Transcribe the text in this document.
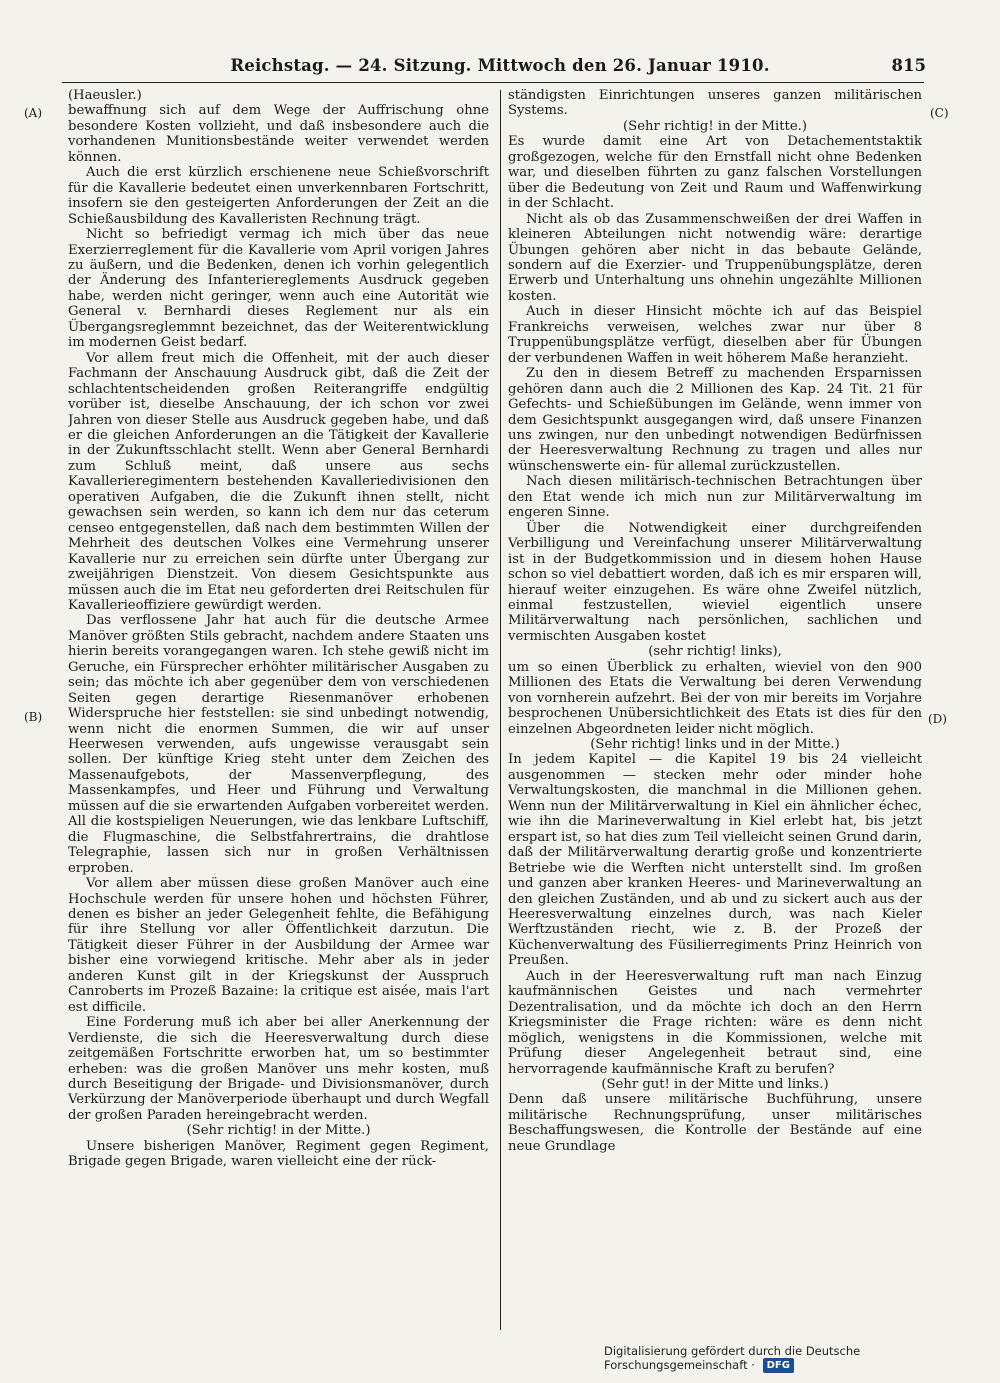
Reichstag. — 24. Sitzung. Mittwoch den 26. Januar 1910.	815
(A)
(B)
(C)
(D)

(Haeusler.)

bewaffnung sich auf dem Wege der Auffrischung ohne besondere Kosten vollzieht, und daß insbesondere auch die vorhandenen Munitionsbestände weiter verwendet werden können.

Auch die erst kürzlich erschienene neue Schießvorschrift für die Kavallerie bedeutet einen unverkennbaren Fortschritt, insofern sie den gesteigerten Anforderungen der Zeit an die Schießausbildung des Kavalleristen Rechnung trägt.

Nicht so befriedigt vermag ich mich über das neue Exerzierreglement für die Kavallerie vom April vorigen Jahres zu äußern, und die Bedenken, denen ich vorhin gelegentlich der Änderung des Infanteriereglements Ausdruck gegeben habe, werden nicht geringer, wenn auch eine Autorität wie General v. Bernhardi dieses Reglement nur als ein Übergangsreglemmnt bezeichnet, das der Weiterentwicklung im modernen Geist bedarf.

Vor allem freut mich die Offenheit, mit der auch dieser Fachmann der Anschauung Ausdruck gibt, daß die Zeit der schlachtentscheidenden großen Reiterangriffe endgültig vorüber ist, dieselbe Anschauung, der ich schon vor zwei Jahren von dieser Stelle aus Ausdruck gegeben habe, und daß er die gleichen Anforderungen an die Tätigkeit der Kavallerie in der Zukunftsschlacht stellt. Wenn aber General Bernhardi zum Schluß meint, daß unsere aus sechs Kavallerieregimentern bestehenden Kavalleriedivisionen den operativen Aufgaben, die die Zukunft ihnen stellt, nicht gewachsen sein werden, so kann ich dem nur das ceterum censeo entgegenstellen, daß nach dem bestimmten Willen der Mehrheit des deutschen Volkes eine Vermehrung unserer Kavallerie nur zu erreichen sein dürfte unter Übergang zur zweijährigen Dienstzeit. Von diesem Gesichtspunkte aus müssen auch die im Etat neu geforderten drei Reitschulen für Kavallerieoffiziere gewürdigt werden.

Das verflossene Jahr hat auch für die deutsche Armee Manöver größten Stils gebracht, nachdem andere Staaten uns hierin bereits vorangegangen waren. Ich stehe gewiß nicht im Geruche, ein Fürsprecher erhöhter militärischer Ausgaben zu sein; das möchte ich aber gegenüber dem von verschiedenen Seiten gegen derartige Riesenmanöver erhobenen Widerspruche hier feststellen: sie sind unbedingt notwendig, wenn nicht die enormen Summen, die wir auf unser Heerwesen verwenden, aufs ungewisse verausgabt sein sollen. Der künftige Krieg steht unter dem Zeichen des Massenaufgebots, der Massenverpflegung, des Massenkampfes, und Heer und Führung und Verwaltung müssen auf die sie erwartenden Aufgaben vorbereitet werden. All die kostspieligen Neuerungen, wie das lenkbare Luftschiff, die Flugmaschine, die Selbstfahrertrains, die drahtlose Telegraphie, lassen sich nur in großen Verhältnissen erproben.

Vor allem aber müssen diese großen Manöver auch eine Hochschule werden für unsere hohen und höchsten Führer, denen es bisher an jeder Gelegenheit fehlte, die Befähigung für ihre Stellung vor aller Öffentlichkeit darzutun. Die Tätigkeit dieser Führer in der Ausbildung der Armee war bisher eine vorwiegend kritische. Mehr aber als in jeder anderen Kunst gilt in der Kriegskunst der Ausspruch Canroberts im Prozeß Bazaine: la critique est aisée, mais l'art est difficile.

Eine Forderung muß ich aber bei aller Anerkennung der Verdienste, die sich die Heeresverwaltung durch diese zeitgemäßen Fortschritte erworben hat, um so bestimmter erheben: was die großen Manöver uns mehr kosten, muß durch Beseitigung der Brigade- und Divisionsmanöver, durch Verkürzung der Manöverperiode überhaupt und durch Wegfall der großen Paraden hereingebracht werden.

(Sehr richtig! in der Mitte.)

Unsere bisherigen Manöver, Regiment gegen Regiment, Brigade gegen Brigade, waren vielleicht eine der rück-

ständigsten Einrichtungen unseres ganzen militärischen Systems.

(Sehr richtig! in der Mitte.)

Es wurde damit eine Art von Detachementstaktik großgezogen, welche für den Ernstfall nicht ohne Bedenken war, und dieselben führten zu ganz falschen Vorstellungen über die Bedeutung von Zeit und Raum und Waffenwirkung in der Schlacht.

Nicht als ob das Zusammenschweißen der drei Waffen in kleineren Abteilungen nicht notwendig wäre: derartige Übungen gehören aber nicht in das bebaute Gelände, sondern auf die Exerzier- und Truppenübungsplätze, deren Erwerb und Unterhaltung uns ohnehin ungezählte Millionen kosten.

Auch in dieser Hinsicht möchte ich auf das Beispiel Frankreichs verweisen, welches zwar nur über 8 Truppenübungsplätze verfügt, dieselben aber für Übungen der verbundenen Waffen in weit höherem Maße heranzieht.

Zu den in diesem Betreff zu machenden Ersparnissen gehören dann auch die 2 Millionen des Kap. 24 Tit. 21 für Gefechts- und Schießübungen im Gelände, wenn immer von dem Gesichtspunkt ausgegangen wird, daß unsere Finanzen uns zwingen, nur den unbedingt notwendigen Bedürfnissen der Heeresverwaltung Rechnung zu tragen und alles nur wünschenswerte ein- für allemal zurückzustellen.

Nach diesen militärisch-technischen Betrachtungen über den Etat wende ich mich nun zur Militärverwaltung im engeren Sinne.

Über die Notwendigkeit einer durchgreifenden Verbilligung und Vereinfachung unserer Militärverwaltung ist in der Budgetkommission und in diesem hohen Hause schon so viel debattiert worden, daß ich es mir ersparen will, hierauf weiter einzugehen. Es wäre ohne Zweifel nützlich, einmal festzustellen, wieviel eigentlich unsere Militärverwaltung nach persönlichen, sachlichen und vermischten Ausgaben kostet

(sehr richtig! links),

um so einen Überblick zu erhalten, wieviel von den 900 Millionen des Etats die Verwaltung bei deren Verwendung von vornherein aufzehrt. Bei der von mir bereits im Vorjahre besprochenen Unübersichtlichkeit des Etats ist dies für den einzelnen Abgeordneten leider nicht möglich.

(Sehr richtig! links und in der Mitte.)

In jedem Kapitel — die Kapitel 19 bis 24 vielleicht ausgenommen — stecken mehr oder minder hohe Verwaltungskosten, die manchmal in die Millionen gehen. Wenn nun der Militärverwaltung in Kiel ein ähnlicher échec, wie ihn die Marineverwaltung in Kiel erlebt hat, bis jetzt erspart ist, so hat dies zum Teil vielleicht seinen Grund darin, daß der Militärverwaltung derartig große und konzentrierte Betriebe wie die Werften nicht unterstellt sind. Im großen und ganzen aber kranken Heeres- und Marineverwaltung an den gleichen Zuständen, und ab und zu sickert auch aus der Heeresverwaltung einzelnes durch, was nach Kieler Werftzuständen riecht, wie z. B. der Prozeß der Küchenverwaltung des Füsilierregiments Prinz Heinrich von Preußen.

Auch in der Heeresverwaltung ruft man nach Einzug kaufmännischen Geistes und nach vermehrter Dezentralisation, und da möchte ich doch an den Herrn Kriegsminister die Frage richten: wäre es denn nicht möglich, wenigstens in die Kommissionen, welche mit Prüfung dieser Angelegenheit betraut sind, eine hervorragende kaufmännische Kraft zu berufen?

(Sehr gut! in der Mitte und links.)

Denn daß unsere militärische Buchführung, unsere militärische Rechnungsprüfung, unser militärisches Beschaffungswesen, die Kontrolle der Bestände auf eine neue Grundlage

Digitalisierung gefördert durch die Deutsche Forschungsgemeinschaft · DFG
